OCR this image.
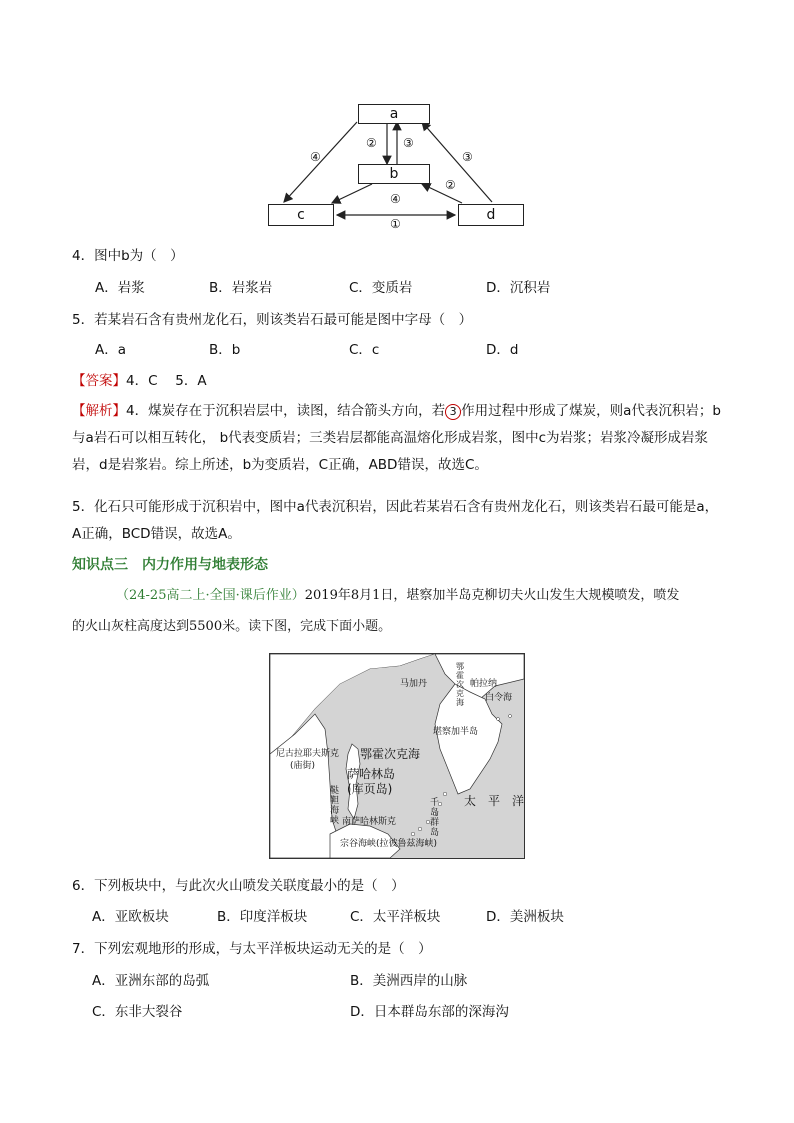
a
b
c	d
② ③
④	③
②
④
①
4．图中b为（　）
A．岩浆	B．岩浆岩	C．变质岩	D．沉积岩
5．若某岩石含有贵州龙化石，则该类岩石最可能是图中字母（　）
A．a	B．b	C．c	D．d
【答案】4．C　 5．A
【解析】4．煤炭存在于沉积岩层中，读图，结合箭头方向，若 3 作用过程中形成了煤炭，则a代表沉积岩；b与a岩石可以相互转化， b代表变质岩；三类岩层都能高温熔化形成岩浆，图中c为岩浆；岩浆冷凝形成岩浆岩，d是岩浆岩。综上所述，b为变质岩，C正确，ABD错误，故选C。
5．化石只可能形成于沉积岩中，图中a代表沉积岩，因此若某岩石含有贵州龙化石，则该类岩石最可能是a，A正确，BCD错误，故选A。
知识点三　内力作用与地表形态
（24-25高二上·全国·课后作业）2019年8月1日，堪察加半岛克柳切夫火山发生大规模喷发，喷发
的火山灰柱高度达到5500米。读下图，完成下面小题。
马加丹	帕拉纳
白令海
堪察加半岛
尼古拉耶夫斯克
(庙街)
鄂霍次克海
萨哈林岛
(库页岛)
太　平　洋
南萨哈林斯克
宗谷海峡(拉彼鲁兹海峡)
千
岛
群
岛
鞑
靼
海
峡
鄂
霍
次
克
海
6．下列板块中，与此次火山喷发关联度最小的是（　）
A．亚欧板块	B．印度洋板块	C．太平洋板块	D．美洲板块
7．下列宏观地形的形成，与太平洋板块运动无关的是（　）
A．亚洲东部的岛弧	B．美洲西岸的山脉
C．东非大裂谷	D．日本群岛东部的深海沟
